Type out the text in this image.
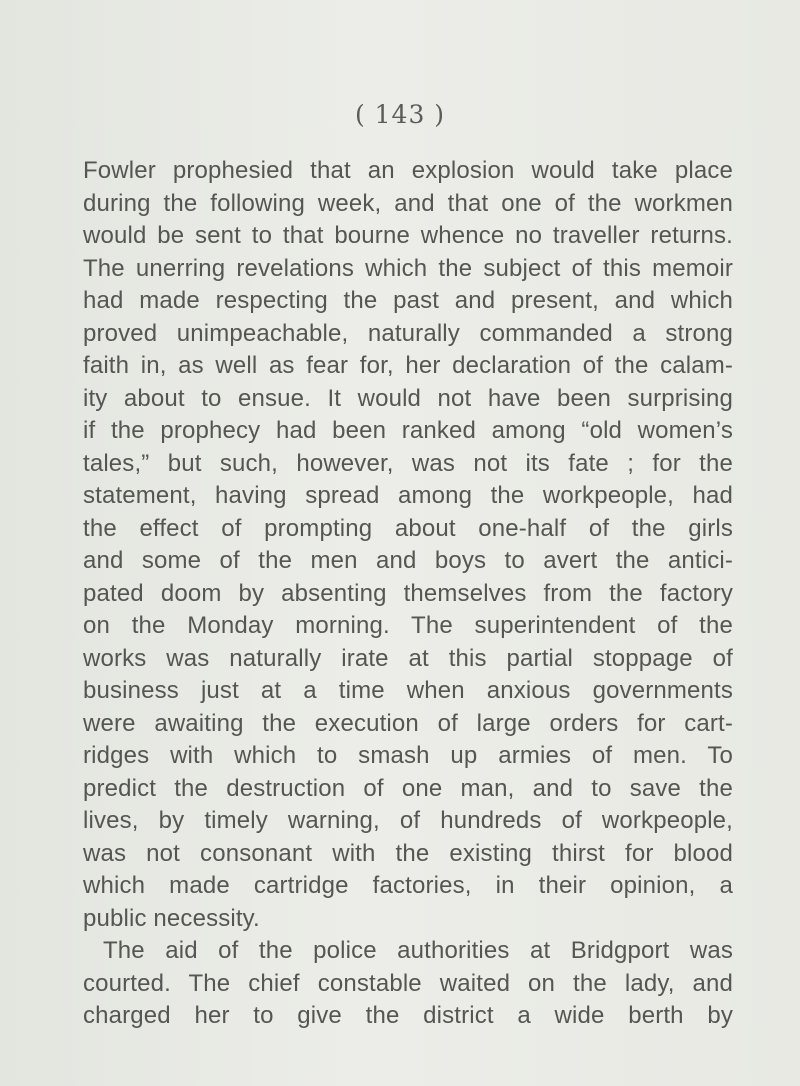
( 143 )
Fowler prophesied that an explosion would take place
during the following week, and that one of the workmen
would be sent to that bourne whence no traveller returns.
The unerring revelations which the subject of this memoir
had made respecting the past and present, and which
proved unimpeachable, naturally commanded a strong
faith in, as well as fear for, her declaration of the calam-
ity about to ensue. It would not have been surprising
if the prophecy had been ranked among “old women’s
tales,” but such, however, was not its fate ; for the
statement, having spread among the workpeople, had
the effect of prompting about one-half of the girls
and some of the men and boys to avert the antici-
pated doom by absenting themselves from the factory
on the Monday morning. The superintendent of the
works was naturally irate at this partial stoppage of
business just at a time when anxious governments
were awaiting the execution of large orders for cart-
ridges with which to smash up armies of men. To
predict the destruction of one man, and to save the
lives, by timely warning, of hundreds of workpeople,
was not consonant with the existing thirst for blood
which made cartridge factories, in their opinion, a
public necessity.
The aid of the police authorities at Bridgport was
courted. The chief constable waited on the lady, and
charged her to give the district a wide berth by
